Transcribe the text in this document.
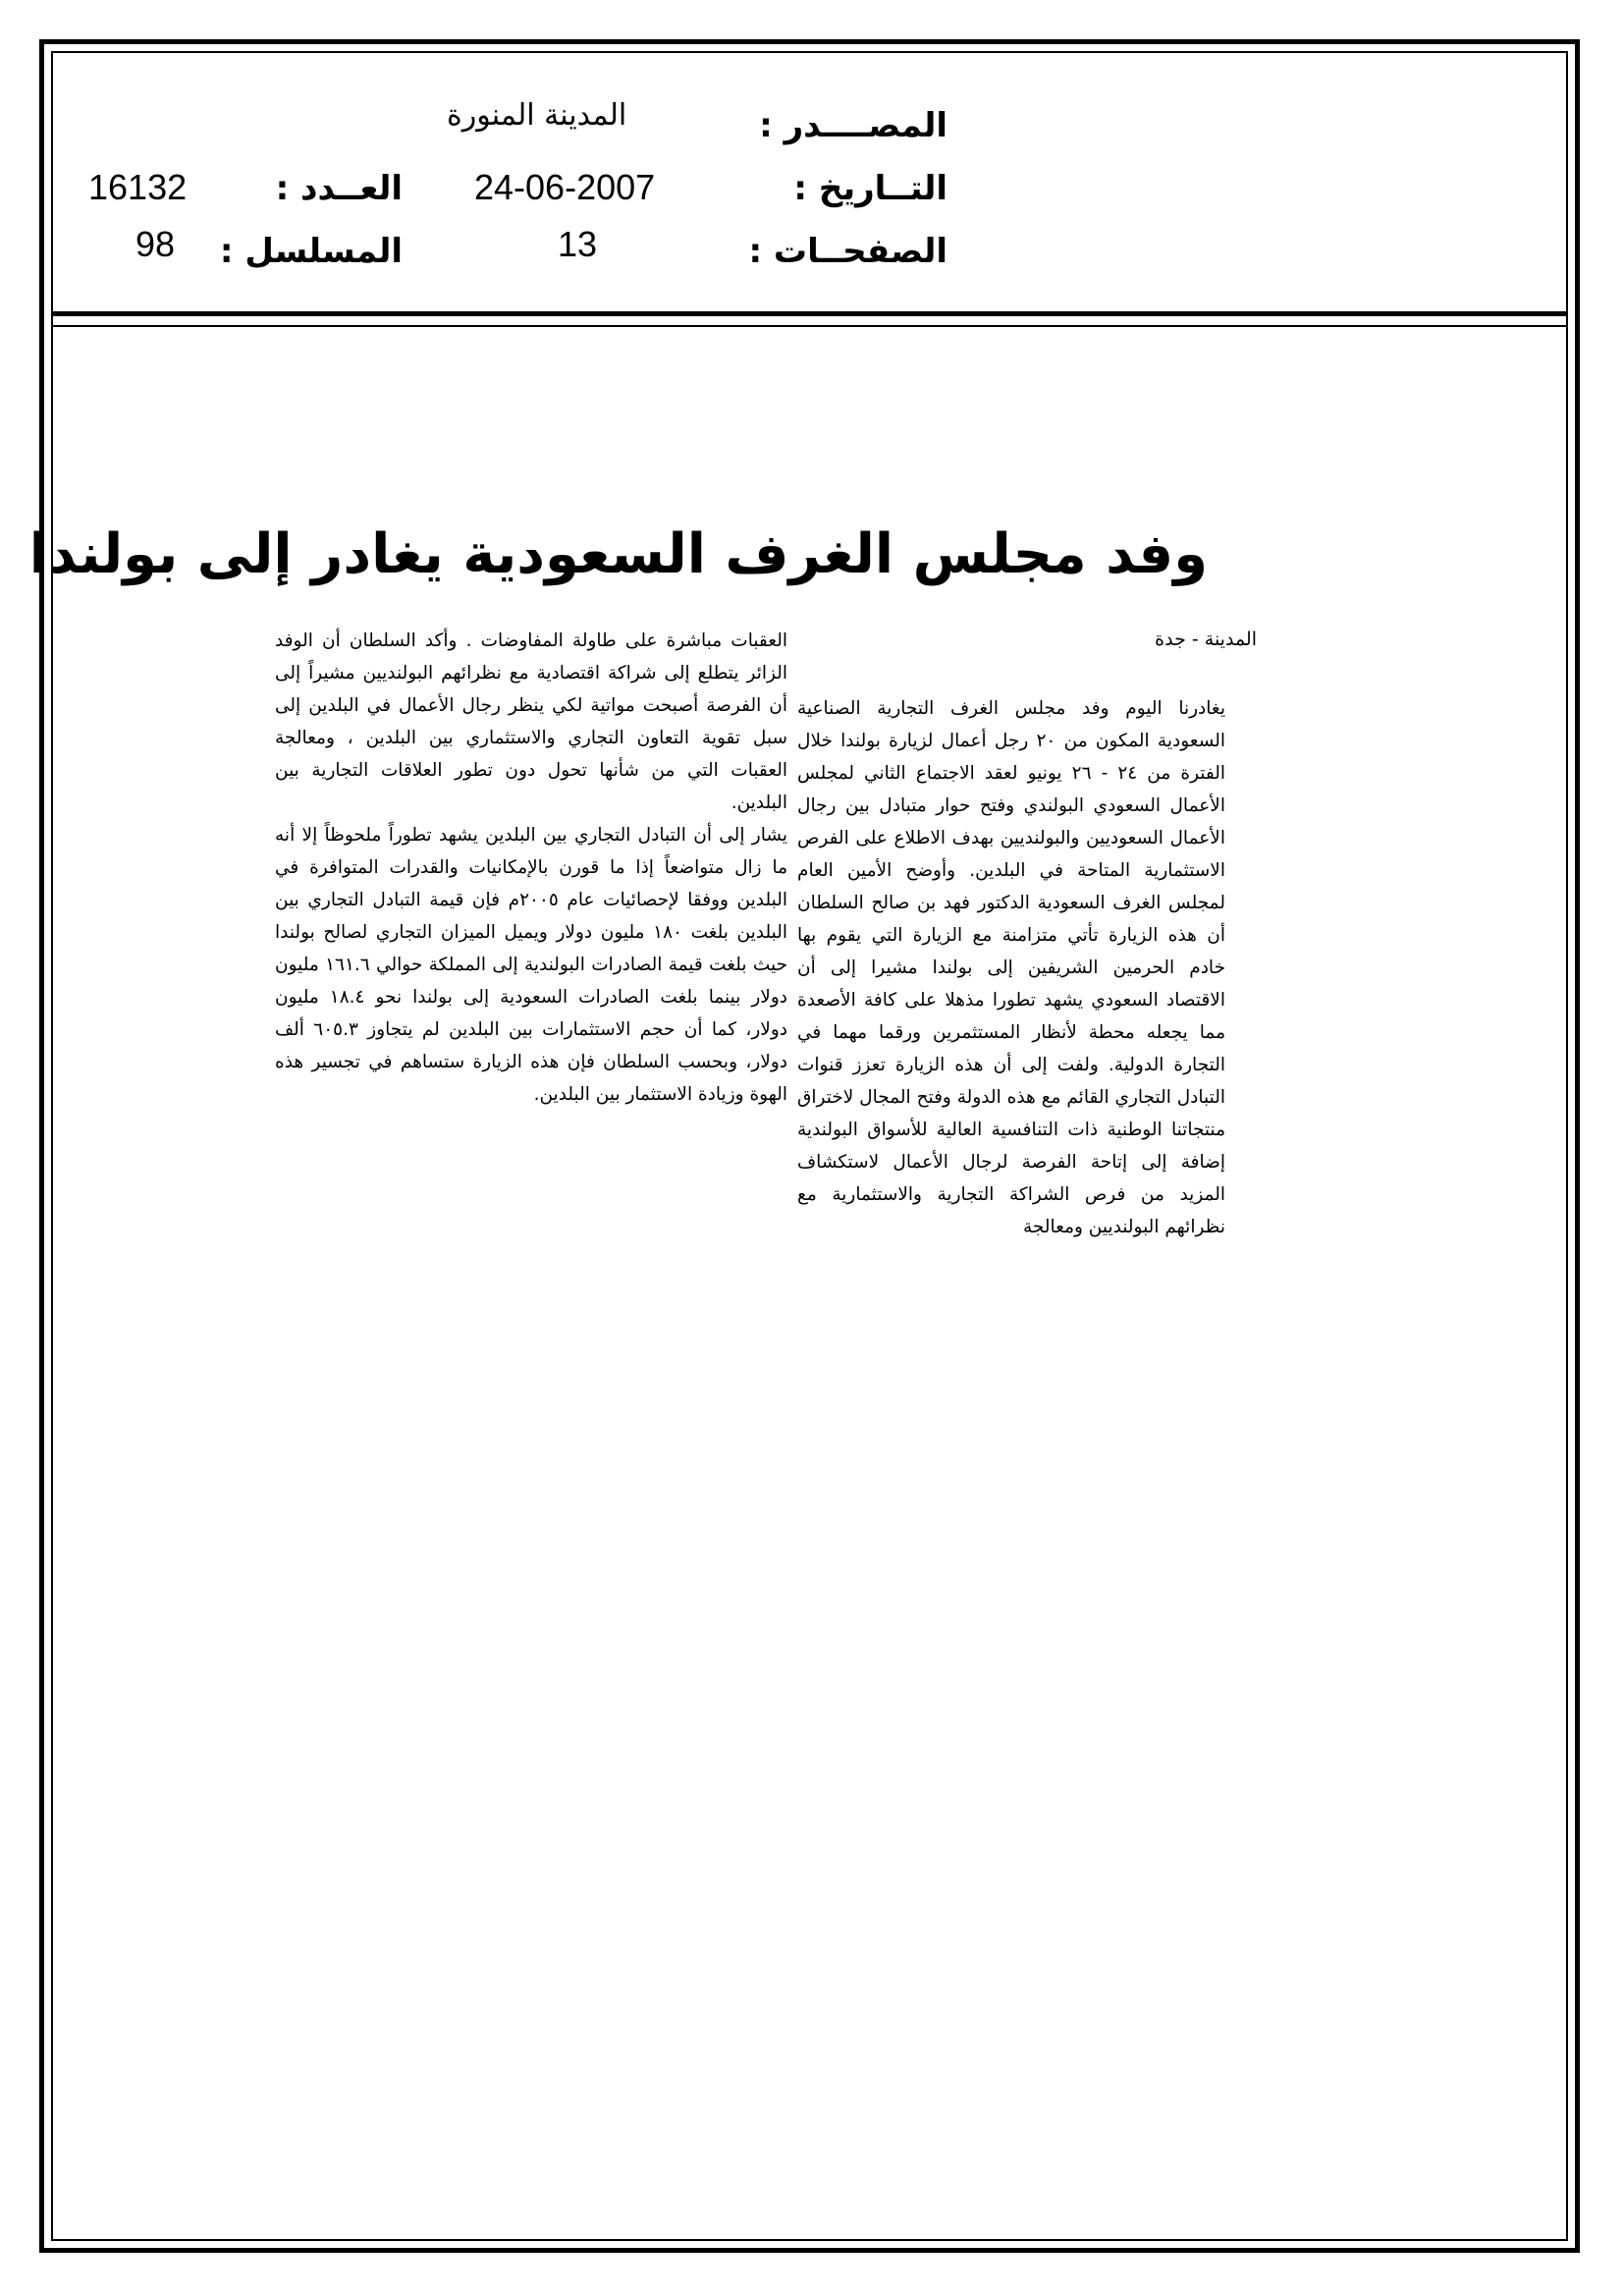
المصــــدر :
التــاريخ :
الصفحــات :
المدينة المنورة
24-06-2007
13
العــدد :
المسلسل :
16132
98
وفد مجلس الغرف السعودية يغادر إلى بولندا
المدينة - جدة

يغادرنا اليوم وفد مجلس الغرف التجارية الصناعية السعودية المكون من ٢٠ رجل أعمال لزيارة بولندا خلال الفترة من ٢٤ - ٢٦ يونيو لعقد الاجتماع الثاني لمجلس الأعمال السعودي البولندي وفتح حوار متبادل بين رجال الأعمال السعوديين والبولنديين بهدف الاطلاع على الفرص الاستثمارية المتاحة في البلدين. وأوضح الأمين العام لمجلس الغرف السعودية الدكتور فهد بن صالح السلطان أن هذه الزيارة تأتي متزامنة مع الزيارة التي يقوم بها خادم الحرمين الشريفين إلى بولندا مشيرا إلى أن الاقتصاد السعودي يشهد تطورا مذهلا على كافة الأصعدة مما يجعله محطة لأنظار المستثمرين ورقما مهما في التجارة الدولية. ولفت إلى أن هذه الزيارة تعزز قنوات التبادل التجاري القائم مع هذه الدولة وفتح المجال لاختراق منتجاتنا الوطنية ذات التنافسية العالية للأسواق البولندية إضافة إلى إتاحة الفرصة لرجال الأعمال لاستكشاف المزيد من فرص الشراكة التجارية والاستثمارية مع نظرائهم البولنديين ومعالجة

العقبات مباشرة على طاولة المفاوضات . وأكد السلطان أن الوفد الزائر يتطلع إلى شراكة اقتصادية مع نظرائهم البولنديين مشيراً إلى أن الفرصة أصبحت مواتية لكي ينظر رجال الأعمال في البلدين إلى سبل تقوية التعاون التجاري والاستثماري بين البلدين ، ومعالجة العقبات التي من شأنها تحول دون تطور العلاقات التجارية بين البلدين.

يشار إلى أن التبادل التجاري بين البلدين يشهد تطوراً ملحوظاً إلا أنه ما زال متواضعاً إذا ما قورن بالإمكانيات والقدرات المتوافرة في البلدين ووفقا لإحصائيات عام ٢٠٠٥م فإن قيمة التبادل التجاري بين البلدين بلغت ١٨٠ مليون دولار ويميل الميزان التجاري لصالح بولندا حيث بلغت قيمة الصادرات البولندية إلى المملكة حوالي ١٦١.٦ مليون دولار بينما بلغت الصادرات السعودية إلى بولندا نحو ١٨.٤ مليون دولار، كما أن حجم الاستثمارات بين البلدين لم يتجاوز ٦٠٥.٣ ألف دولار، وبحسب السلطان فإن هذه الزيارة ستساهم في تجسير هذه الهوة وزيادة الاستثمار بين البلدين.
